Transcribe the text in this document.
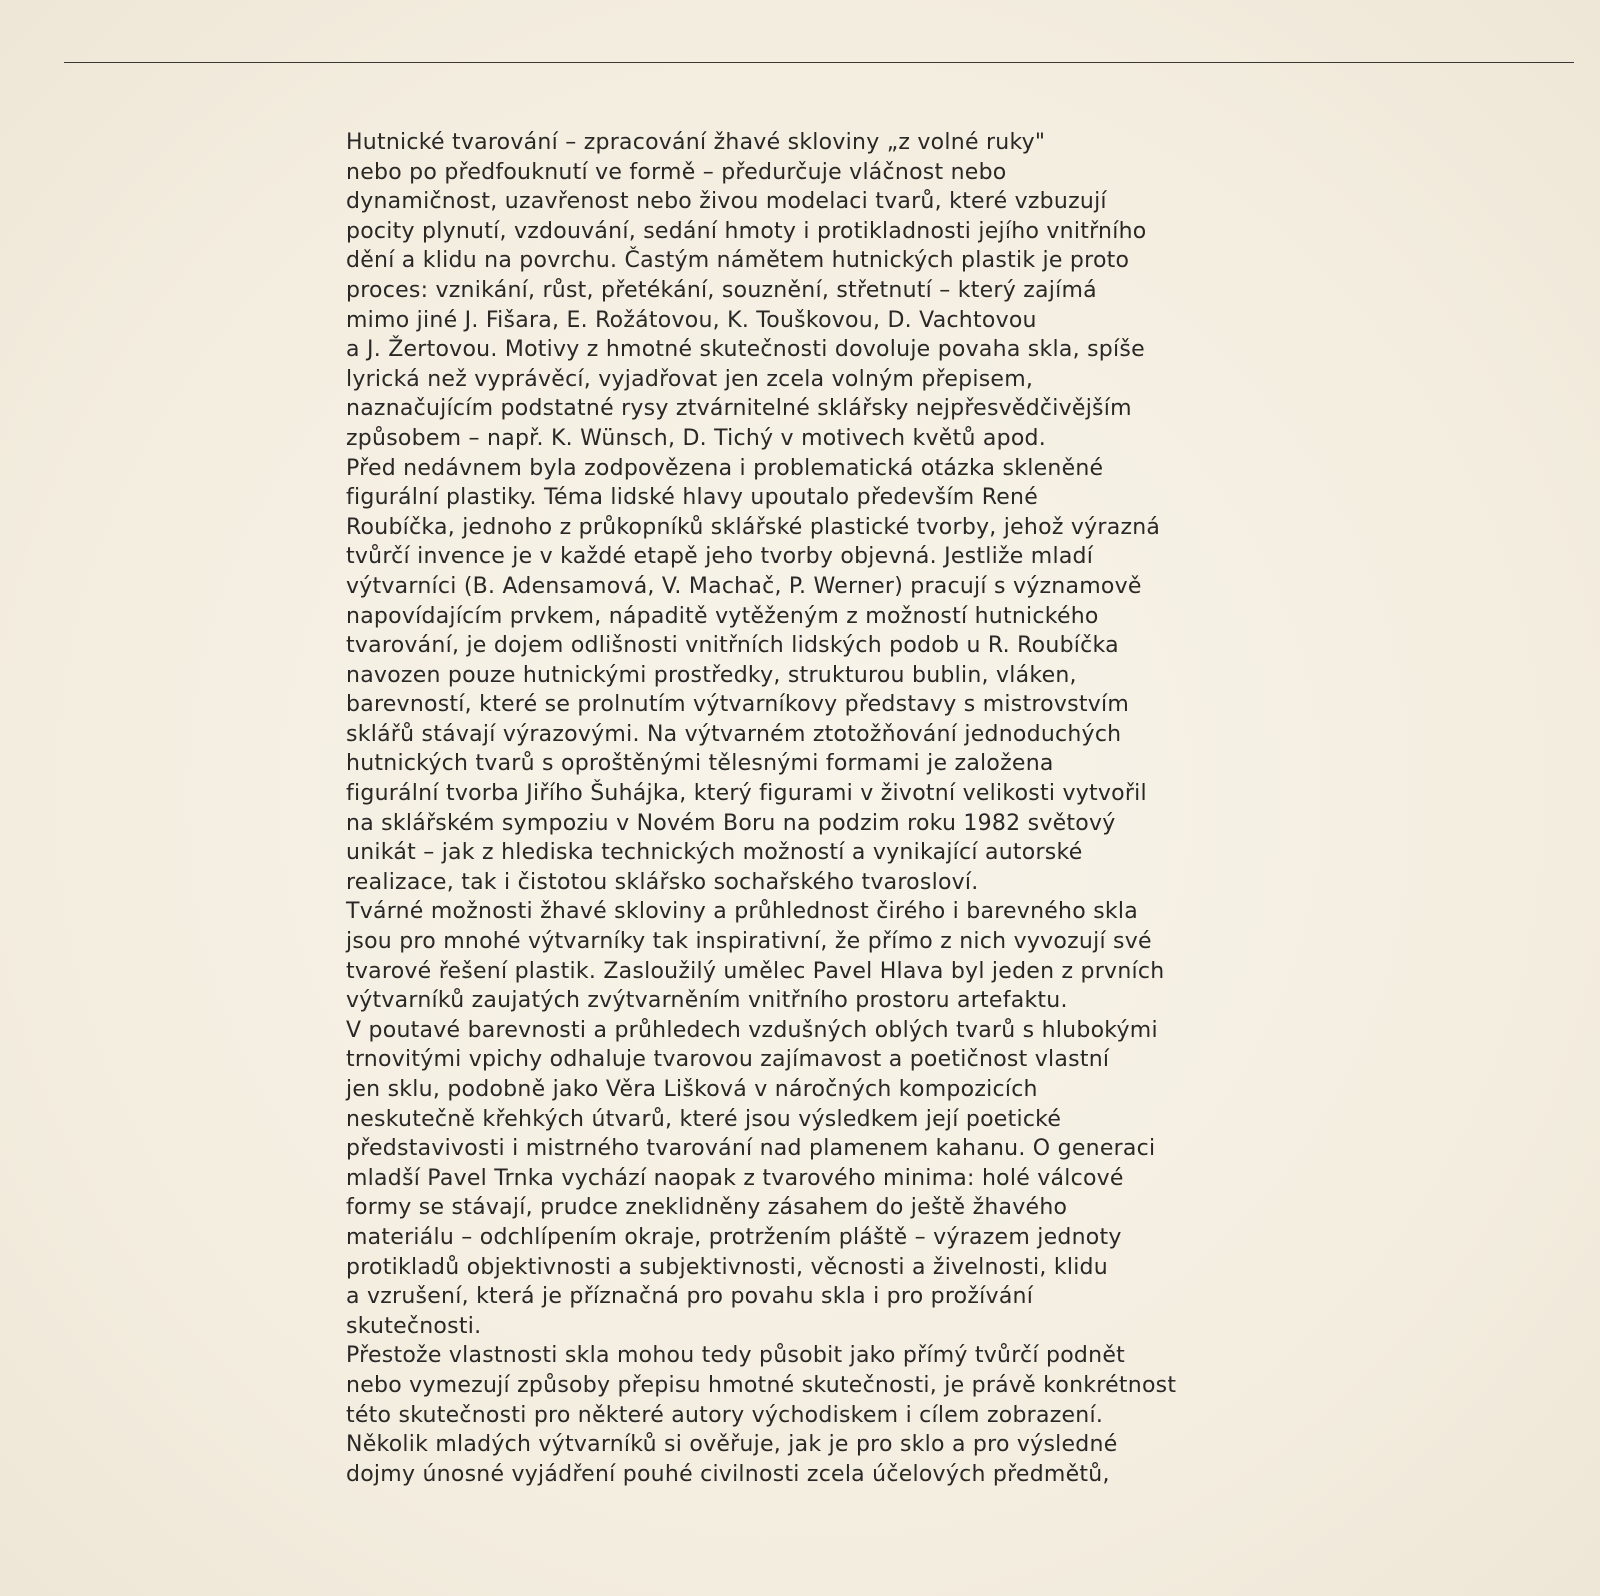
Hutnické tvarování – zpracování žhavé skloviny „z volné ruky"
nebo po předfouknutí ve formě – předurčuje vláčnost nebo
dynamičnost, uzavřenost nebo živou modelaci tvarů, které vzbuzují
pocity plynutí, vzdouvání, sedání hmoty i protikladnosti jejího vnitřního
dění a klidu na povrchu. Častým námětem hutnických plastik je proto
proces: vznikání, růst, přetékání, souznění, střetnutí – který zajímá
mimo jiné J. Fišara, E. Rožátovou, K. Touškovou, D. Vachtovou
a J. Žertovou. Motivy z hmotné skutečnosti dovoluje povaha skla, spíše
lyrická než vyprávěcí, vyjadřovat jen zcela volným přepisem,
naznačujícím podstatné rysy ztvárnitelné sklářsky nejpřesvědčivějším
způsobem – např. K. Wünsch, D. Tichý v motivech květů apod.
Před nedávnem byla zodpovězena i problematická otázka skleněné
figurální plastiky. Téma lidské hlavy upoutalo především René
Roubíčka, jednoho z průkopníků sklářské plastické tvorby, jehož výrazná
tvůrčí invence je v každé etapě jeho tvorby objevná. Jestliže mladí
výtvarníci (B. Adensamová, V. Machač, P. Werner) pracují s významově
napovídajícím prvkem, nápaditě vytěženým z možností hutnického
tvarování, je dojem odlišnosti vnitřních lidských podob u R. Roubíčka
navozen pouze hutnickými prostředky, strukturou bublin, vláken,
barevností, které se prolnutím výtvarníkovy představy s mistrovstvím
sklářů stávají výrazovými. Na výtvarném ztotožňování jednoduchých
hutnických tvarů s oproštěnými tělesnými formami je založena
figurální tvorba Jiřího Šuhájka, který figurami v životní velikosti vytvořil
na sklářském sympoziu v Novém Boru na podzim roku 1982 světový
unikát – jak z hlediska technických možností a vynikající autorské
realizace, tak i čistotou sklářsko sochařského tvarosloví.
Tvárné možnosti žhavé skloviny a průhlednost čirého i barevného skla
jsou pro mnohé výtvarníky tak inspirativní, že přímo z nich vyvozují své
tvarové řešení plastik. Zasloužilý umělec Pavel Hlava byl jeden z prvních
výtvarníků zaujatých zvýtvarněním vnitřního prostoru artefaktu.
V poutavé barevnosti a průhledech vzdušných oblých tvarů s hlubokými
trnovitými vpichy odhaluje tvarovou zajímavost a poetičnost vlastní
jen sklu, podobně jako Věra Lišková v náročných kompozicích
neskutečně křehkých útvarů, které jsou výsledkem její poetické
představivosti i mistrného tvarování nad plamenem kahanu. O generaci
mladší Pavel Trnka vychází naopak z tvarového minima: holé válcové
formy se stávají, prudce zneklidněny zásahem do ještě žhavého
materiálu – odchlípením okraje, protržením pláště – výrazem jednoty
protikladů objektivnosti a subjektivnosti, věcnosti a živelnosti, klidu
a vzrušení, která je příznačná pro povahu skla i pro prožívání
skutečnosti.
Přestože vlastnosti skla mohou tedy působit jako přímý tvůrčí podnět
nebo vymezují způsoby přepisu hmotné skutečnosti, je právě konkrétnost
této skutečnosti pro některé autory východiskem i cílem zobrazení.
Několik mladých výtvarníků si ověřuje, jak je pro sklo a pro výsledné
dojmy únosné vyjádření pouhé civilnosti zcela účelových předmětů,
